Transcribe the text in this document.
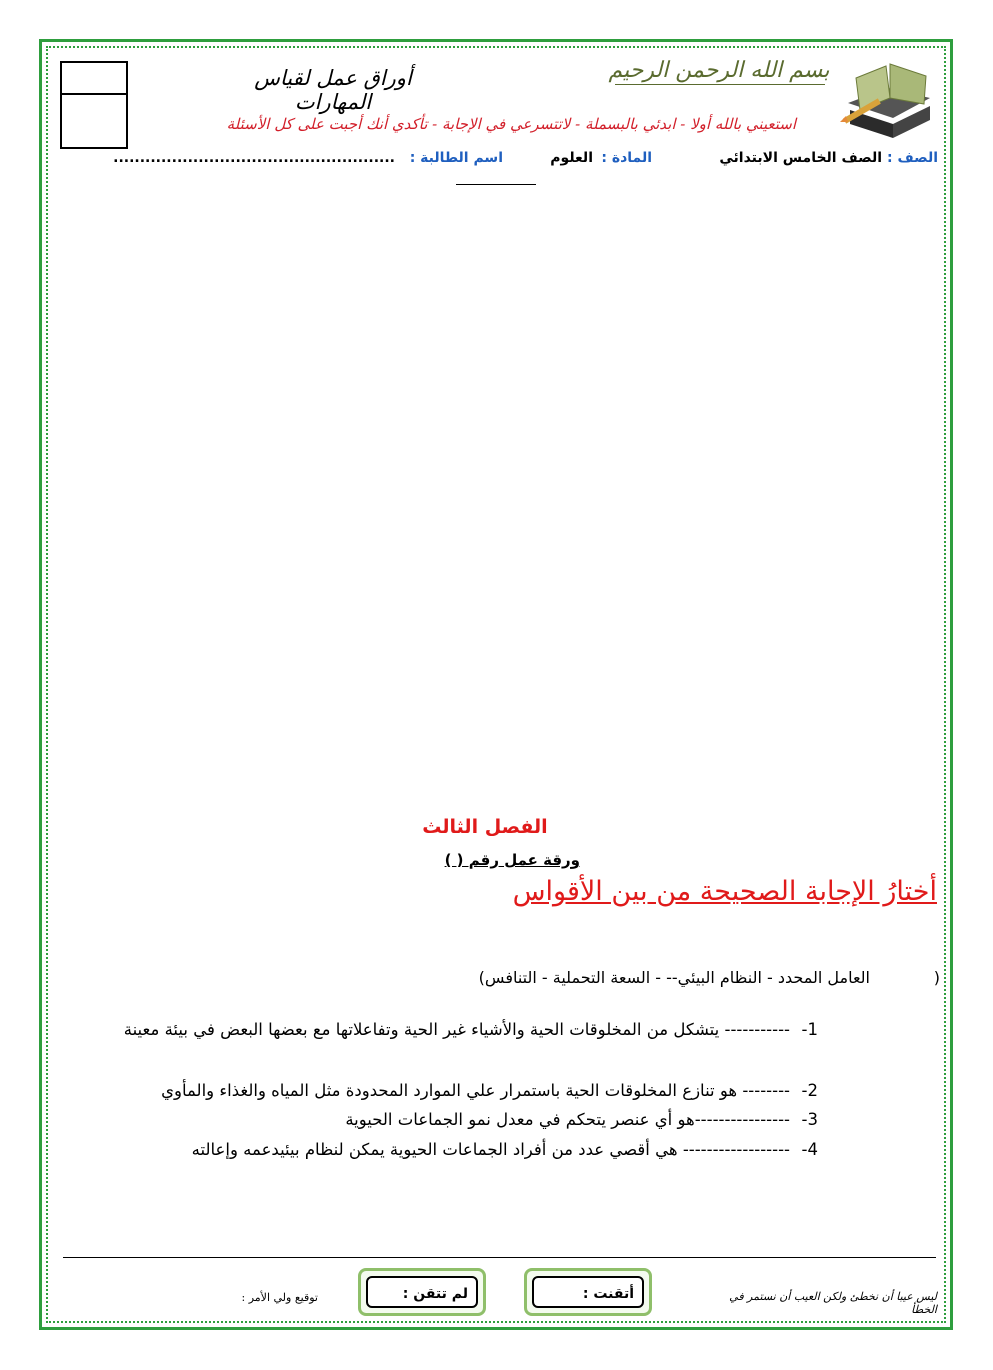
أوراق عمل لقياس المهارات
بسم الله الرحمن الرحيم
استعيني بالله أولا - ابدئي بالبسملة - لاتتسرعي في الإجابة - تأكدي أنك أجبت على كل الأسئلة
الصف :
الصف الخامس الابتدائي
المادة :
العلوم
اسم الطالبة :
.....................................................
الفصل الثالث
ورقة عمل رقم ( )
أختارُ الإجابة الصحيحة من بين الأقواس
(
العامل المحدد - النظام البيئي-- - السعة التحملية - التنافس)
1-
----------- يتشكل من المخلوقات الحية والأشياء غير الحية وتفاعلاتها مع بعضها البعض في بيئة معينة
2-
-------- هو تنازع المخلوقات الحية باستمرار علي الموارد المحدودة مثل المياه والغذاء والمأوي
3-
----------------هو أي عنصر يتحكم في معدل نمو الجماعات الحيوية
4-
------------------ هي أقصي عدد من أفراد الجماعات الحيوية يمكن لنظام بيئيدعمه وإعالته
ليس عيبا أن نخطئ ولكن العيب أن نستمر في الخطأ
أتقنت :
لم تتقن :
توقيع ولي الأمر :
